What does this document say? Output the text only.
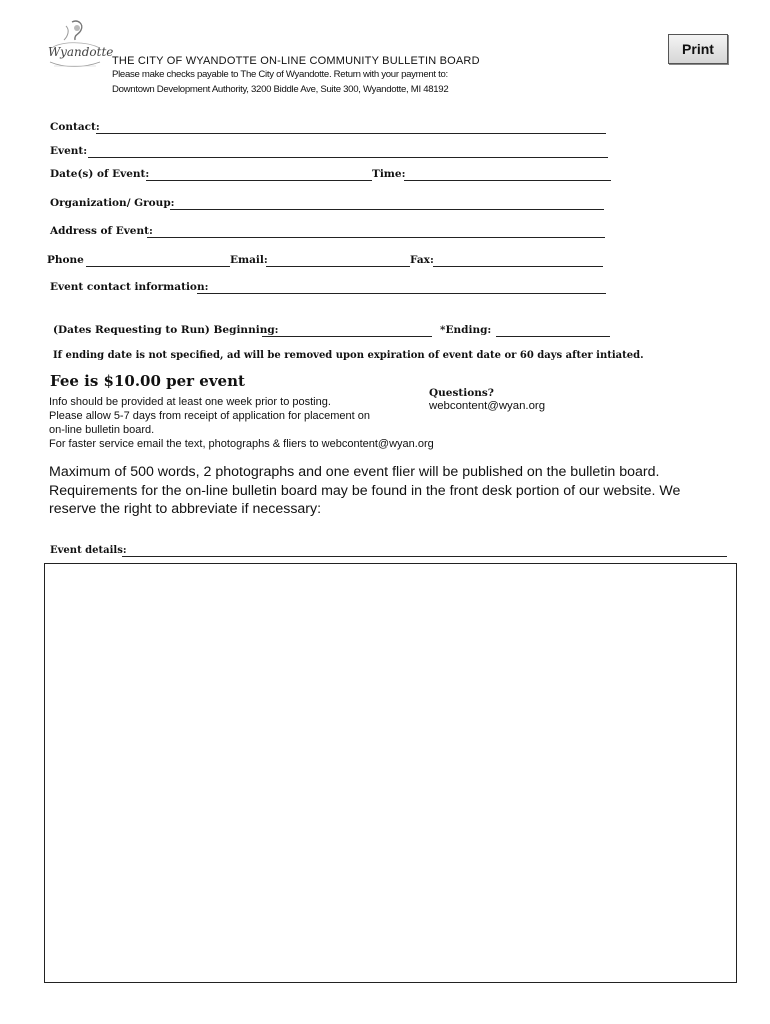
Wyandotte
THE CITY OF WYANDOTTE ON-LINE COMMUNITY BULLETIN BOARD
Please make checks payable to The City of Wyandotte. Return with your payment to:
Downtown Development Authority, 3200 Biddle Ave, Suite 300, Wyandotte, MI 48192
Print
Contact:
Event:
Date(s) of Event:	Time:
Organization/ Group:
Address of Event:
Phone	Email:	Fax:
Event contact information:
(Dates Requesting to Run) Beginning:	*Ending:
If ending date is not specified, ad will be removed upon expiration of event date or 60 days after intiated.
Fee is $10.00 per event
Info should be provided at least one week prior to posting.
Please allow 5-7 days from receipt of application for placement on
on-line bulletin board.
For faster service email the text, photographs & fliers to webcontent@wyan.org
Questions?
webcontent@wyan.org
Maximum of 500 words, 2 photographs and one event flier will be published on the bulletin board. Requirements for the on-line bulletin board may be found in the front desk portion of our website. We reserve the right to abbreviate if necessary:
Event details:
